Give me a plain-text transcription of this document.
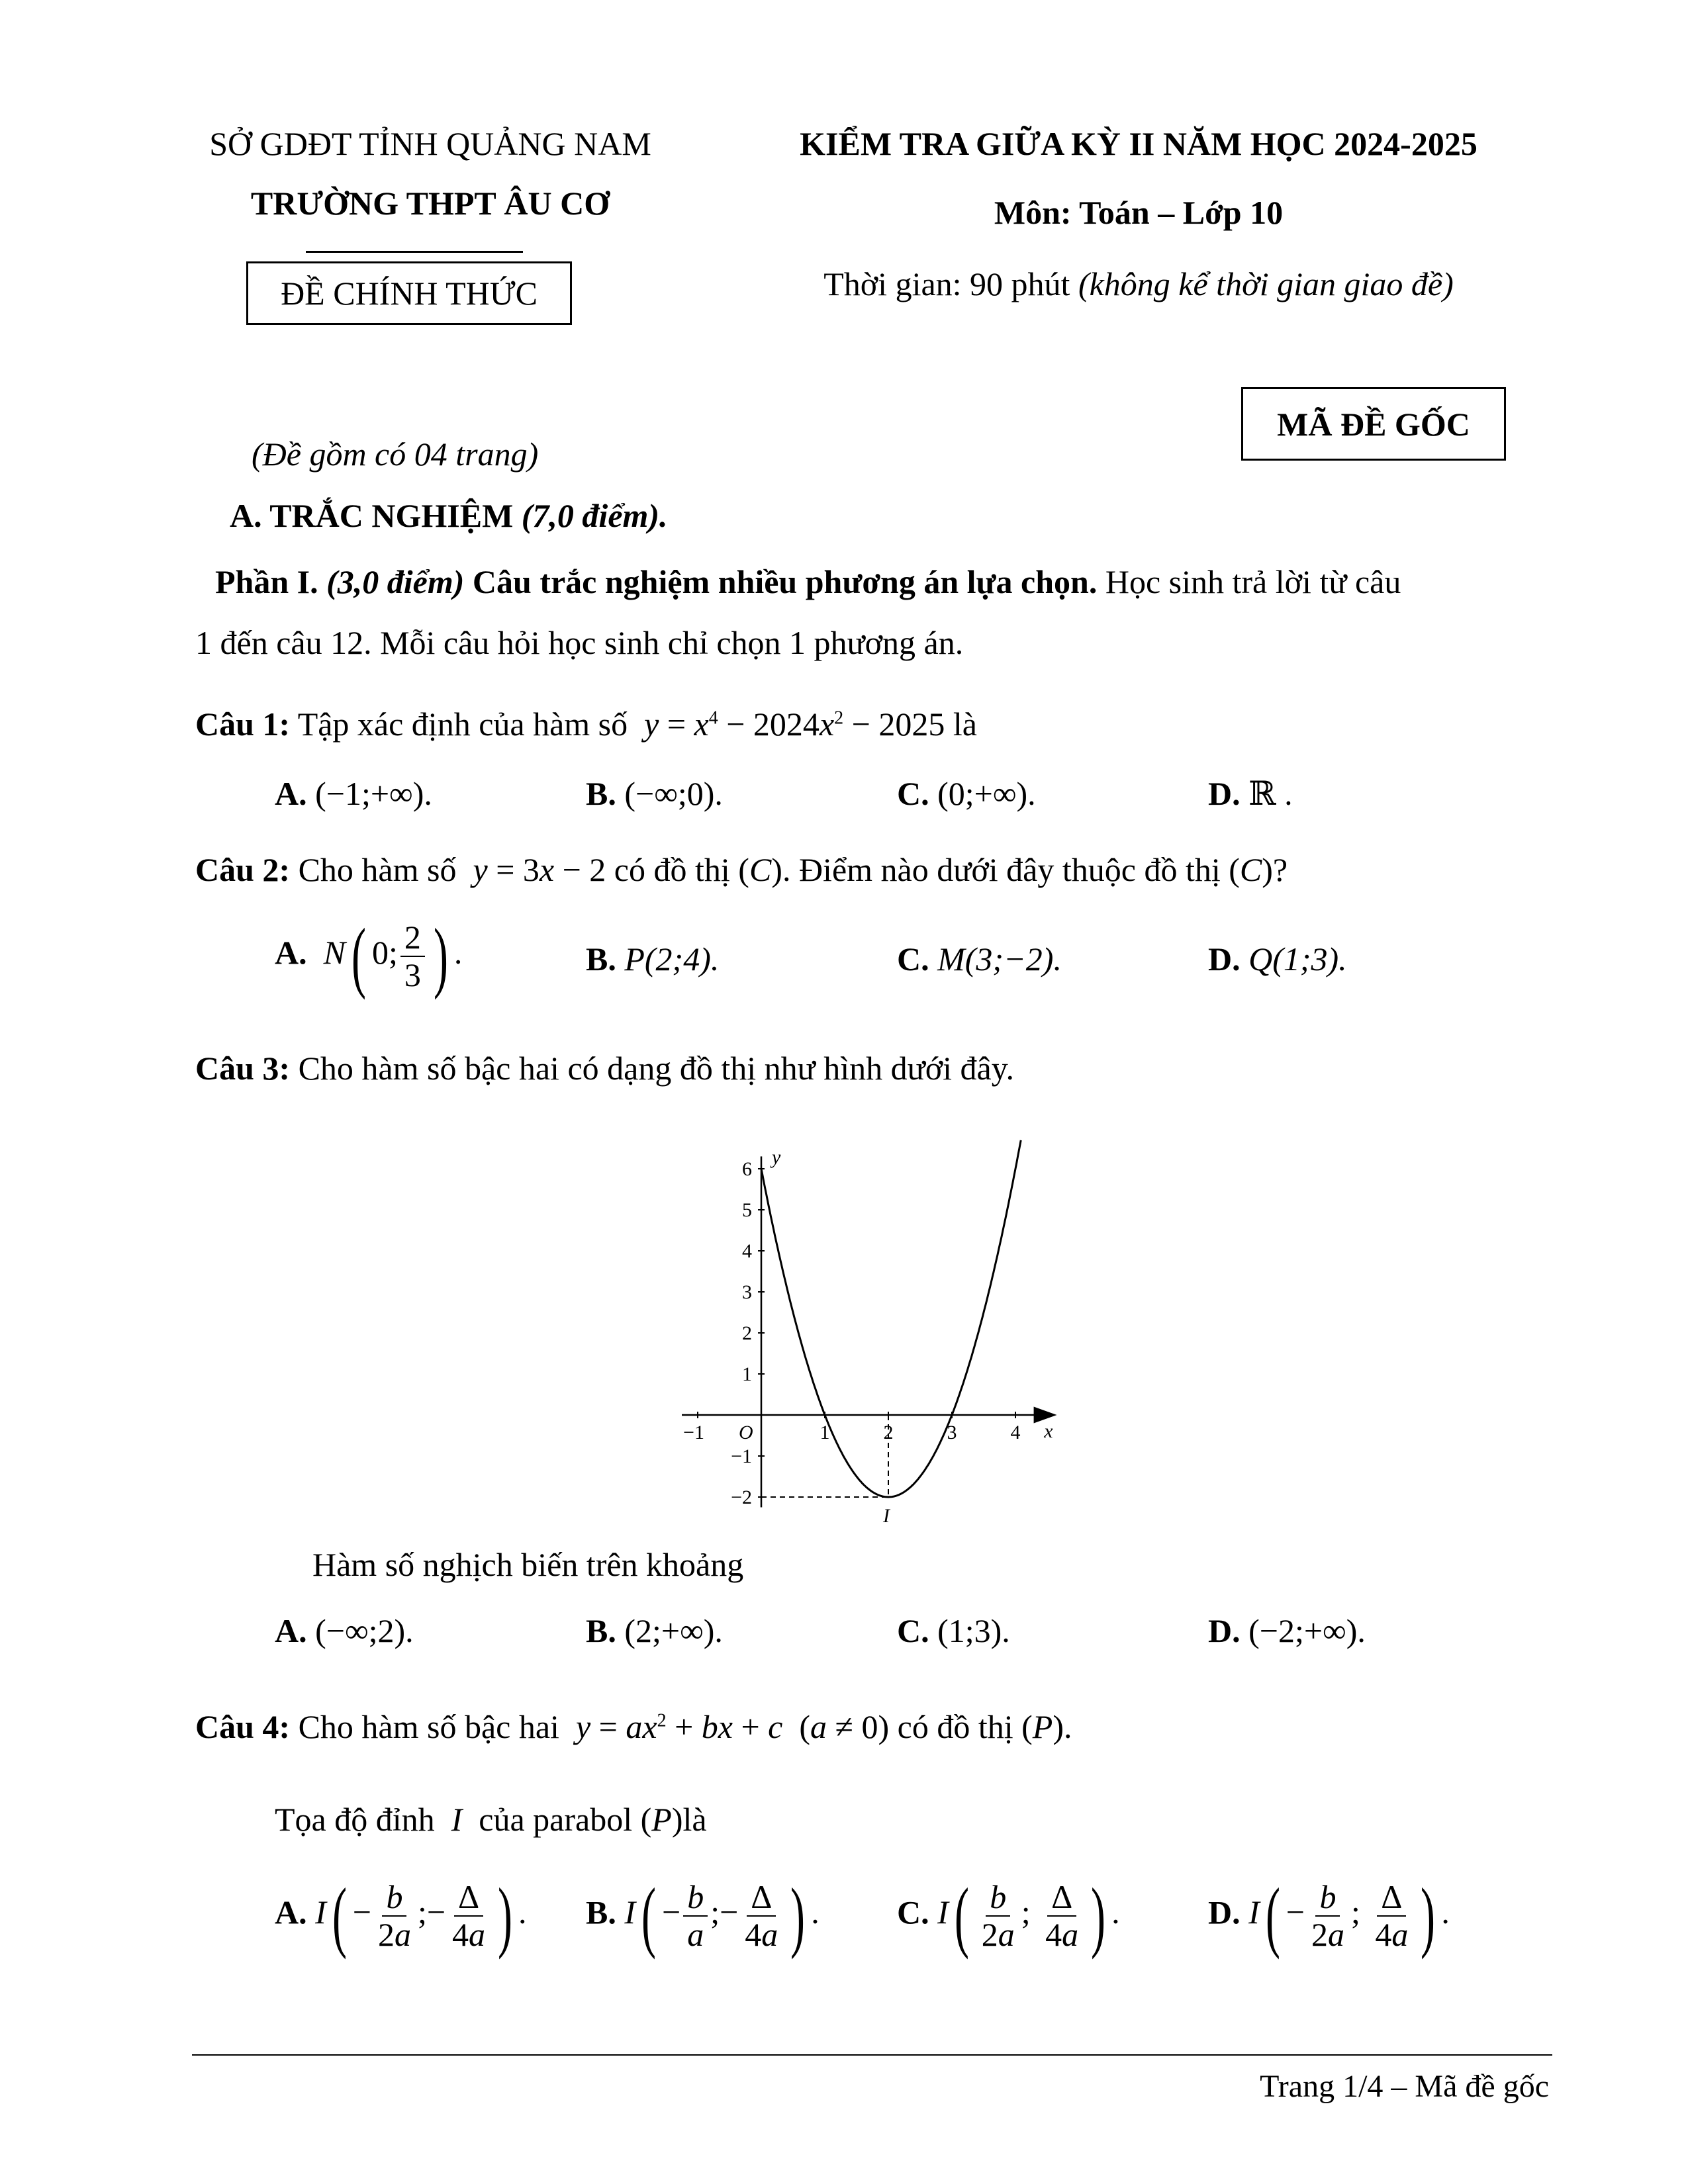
SỞ GDĐT TỈNH QUẢNG NAM
TRƯỜNG THPT ÂU CƠ
ĐỀ CHÍNH THỨC
KIỂM TRA GIỮA KỲ II NĂM HỌC 2024-2025
Môn: Toán – Lớp 10
Thời gian: 90 phút (không kể thời gian giao đề)
MÃ ĐỀ GỐC
(Đề gồm có 04 trang)
A. TRẮC NGHIỆM (7,0 điểm).
Phần I. (3,0 điểm) Câu trắc nghiệm nhiều phương án lựa chọn. Học sinh trả lời từ câu
1 đến câu 12. Mỗi câu hỏi học sinh chỉ chọn 1 phương án.
Câu 1: Tập xác định của hàm số $y = x^4 - 2024x^2 - 2025$ là
A. (−1;+∞).	B. (−∞;0).	C. (0;+∞).	D. ℝ .
Câu 2: Cho hàm số y = 3x − 2 có đồ thị (C). Điểm nào dưới đây thuộc đồ thị (C)?
A. N( 0; $\frac{2}{3}$ ) .	B. P(2;4).	C. M(3;−2).	D. Q(1;3).
Câu 3: Cho hàm số bậc hai có dạng đồ thị như hình dưới đây.
6
5
4
3
2
1
−1
−2
−1	1	2	3	4
y
x
O
I
Hàm số nghịch biến trên khoảng
A. (−∞;2).	B. (2;+∞).	C. (1;3).	D. (−2;+∞).
Câu 4: Cho hàm số bậc hai $y = ax^2$ + bx + c  (a ≠ 0) có đồ thị (P).
Tọa độ đỉnh  I  của parabol (P)là
A. $I( - \frac{b}{2a}$ ;− $\frac{\Delta}{4a}$ ) . B. $I( - \frac{b}{a}$ ;− $\frac{\Delta}{4a}$ ) . C. $I( \frac{b}{2a}$ ; $\frac{\Delta}{4a}$ ) .	D. $I( - \frac{b}{2a}$ ; $\frac{\Delta}{4a}$ ) .
Trang 1/4 – Mã đề gốc
